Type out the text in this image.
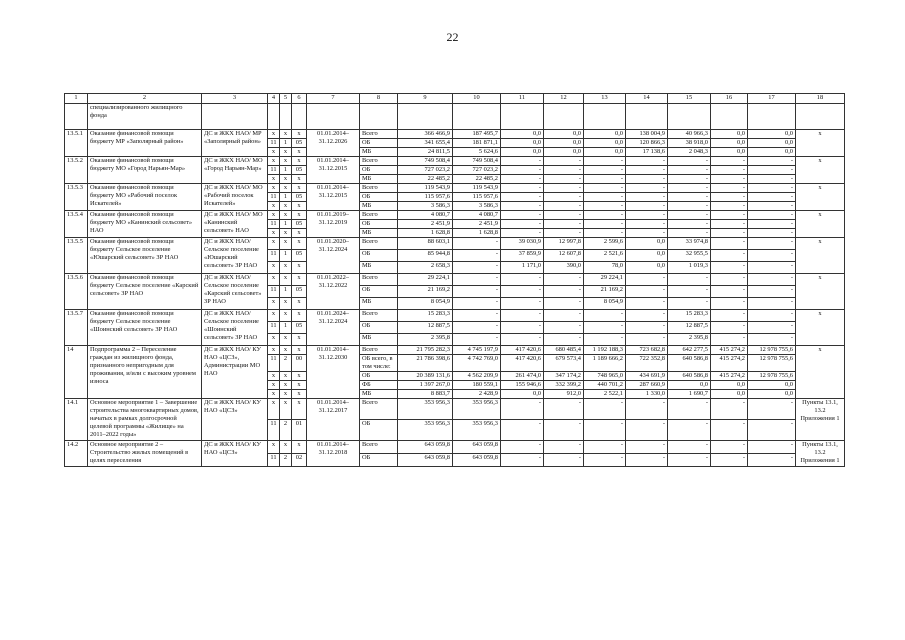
22
1	2	3	4	5	6	7	8	9	10	11	12	13	14	15	16	17	18
	специализированного жилищного фонда																
13.5.1	Оказание финансовой помощи бюджету МР «Заполярный район»	ДС и ЖКХ НАО/ МР «Заполярный район»	x	x	x	01.01.2014– 31.12.2026	Всего	366 466,9	187 495,7	0,0	0,0	0,0	138 004,9	40 966,3	0,0	0,0	x
			11	1	05		ОБ	341 655,4	181 871,1	0,0	0,0	0,0	120 866,3	38 918,0	0,0	0,0	
			x	x	x		МБ	24 811,5	5 624,6	0,0	0,0	0,0	17 138,6	2 048,3	0,0	0,0	
13.5.2	Оказание финансовой помощи бюджету МО «Город Нарьян-Мар»	ДС и ЖКХ НАО/ МО «Город Нарьян-Мар»	x	x	x	01.01.2014– 31.12.2015	Всего	749 508,4	749 508,4	-	-	-	-	-	-	-	x
			11	1	05		ОБ	727 023,2	727 023,2	-	-	-	-	-	-	-	
			x	x	x		МБ	22 485,2	22 485,2	-	-	-	-	-	-	-	
13.5.3	Оказание финансовой помощи бюджету МО «Рабочий поселок Искателей»	ДС и ЖКХ НАО/ МО «Рабочий поселок Искателей»	x	x	x	01.01.2014– 31.12.2015	Всего	119 543,9	119 543,9	-	-	-	-	-	-	-	x
			11	1	05		ОБ	115 957,6	115 957,6	-	-	-	-	-	-	-	
			x	x	x		МБ	3 586,3	3 586,3	-	-	-	-	-	-	-	
13.5.4	Оказание финансовой помощи бюджету МО «Канинский сельсовет» НАО	ДС и ЖКХ НАО/ МО «Канинский сельсовет» НАО	x	x	x	01.01.2019– 31.12.2019	Всего	4 080,7	4 080,7	-	-	-	-	-	-	-	x
			11	1	05		ОБ	2 451,9	2 451,9	-	-	-	-	-	-	-	
			x	x	x		МБ	1 628,8	1 628,8	-	-	-	-	-	-	-	
13.5.5	Оказание финансовой помощи бюджету Сельское поселение «Юшарский сельсовет» ЗР НАО	ДС и ЖКХ НАО/ Сельское поселение «Юшарский сельсовет» ЗР НАО	x	x	x	01.01.2020– 31.12.2024	Всего	88 603,1	-	39 030,9	12 997,8	2 599,6	0,0	33 974,8	-	-	x
			11	1	05		ОБ	85 944,8	-	37 859,9	12 607,8	2 521,6	0,0	32 955,5	-	-	
			x	x	x		МБ	2 658,3	-	1 171,0	390,0	78,0	0,0	1 019,3	-	-	
13.5.6	Оказание финансовой помощи бюджету Сельское поселение «Карский сельсовет» ЗР НАО	ДС и ЖКХ НАО/ Сельское поселение «Карский сельсовет» ЗР НАО	x	x	x	01.01.2022– 31.12.2022	Всего	29 224,1	-	-	-	29 224,1	-	-	-	-	x
			11	1	05		ОБ	21 169,2	-	-	-	21 169,2	-	-	-	-	
			x	x	x		МБ	8 054,9	-	-	-	8 054,9	-	-	-	-	
13.5.7	Оказание финансовой помощи бюджету Сельское поселение «Шоинский сельсовет» ЗР НАО	ДС и ЖКХ НАО/ Сельское поселение «Шоинский сельсовет» ЗР НАО	x	x	x	01.01.2024– 31.12.2024	Всего	15 283,3	-	-	-	-	-	15 283,3	-	-	x
			11	1	05		ОБ	12 887,5	-	-	-	-	-	12 887,5	-	-	
			x	x	x		МБ	2 395,8	-	-	-	-	-	2 395,8	-	-	
14	Подпрограмма 2 – Переселение граждан из жилищного фонда, признанного непригодным для проживания, и/или с высоким уровнем износа	ДС и ЖКХ НАО/ КУ НАО «ЦСЗ», Администрации МО НАО	x	x	x	01.01.2014– 31.12.2030	Всего	21 795 282,3	4 745 197,9	417 420,6	680 485,4	1 192 188,3	723 682,8	642 277,5	415 274,2	12 978 755,6	x
			11	2	00		ОБ всего, в том числе:	21 786 398,6	4 742 769,0	417 420,6	679 573,4	1 189 666,2	722 352,8	640 586,8	415 274,2	12 978 755,6	
			x	x	x		ОБ	20 389 131,6	4 562 209,9	261 474,0	347 174,2	748 965,0	434 691,9	640 586,8	415 274,2	12 978 755,6	
			x	x	x		ФБ	1 397 267,0	180 559,1	155 946,6	332 399,2	440 701,2	287 660,9	0,0	0,0	0,0	
			x	x	x		МБ	8 883,7	2 428,9	0,0	912,0	2 522,1	1 330,0	1 690,7	0,0	0,0	
14.1	Основное мероприятие 1 – Завершение строительства многоквартирных домов, начатых в рамках долгосрочной целевой программы «Жилище» на 2011–2022 годы»	ДС и ЖКХ НАО/ КУ НАО «ЦСЗ»	x	x	x	01.01.2014– 31.12.2017	Всего	353 956,3	353 956,3	-	-	-	-	-	-	-	Пункты 13.1, 13.2 Приложения 1
			11	2	01		ОБ	353 956,3	353 956,3	-	-	-	-	-	-	-	
14.2	Основное мероприятие 2 – Строительство жилых помещений в целях переселения	ДС и ЖКХ НАО/ КУ НАО «ЦСЗ»	x	x	x	01.01.2014– 31.12.2018	Всего	643 059,8	643 059,8	-	-	-	-	-	-	-	Пункты 13.1, 13.2 Приложения 1
			11	2	02		ОБ	643 059,8	643 059,8	-	-	-	-	-	-	-	
